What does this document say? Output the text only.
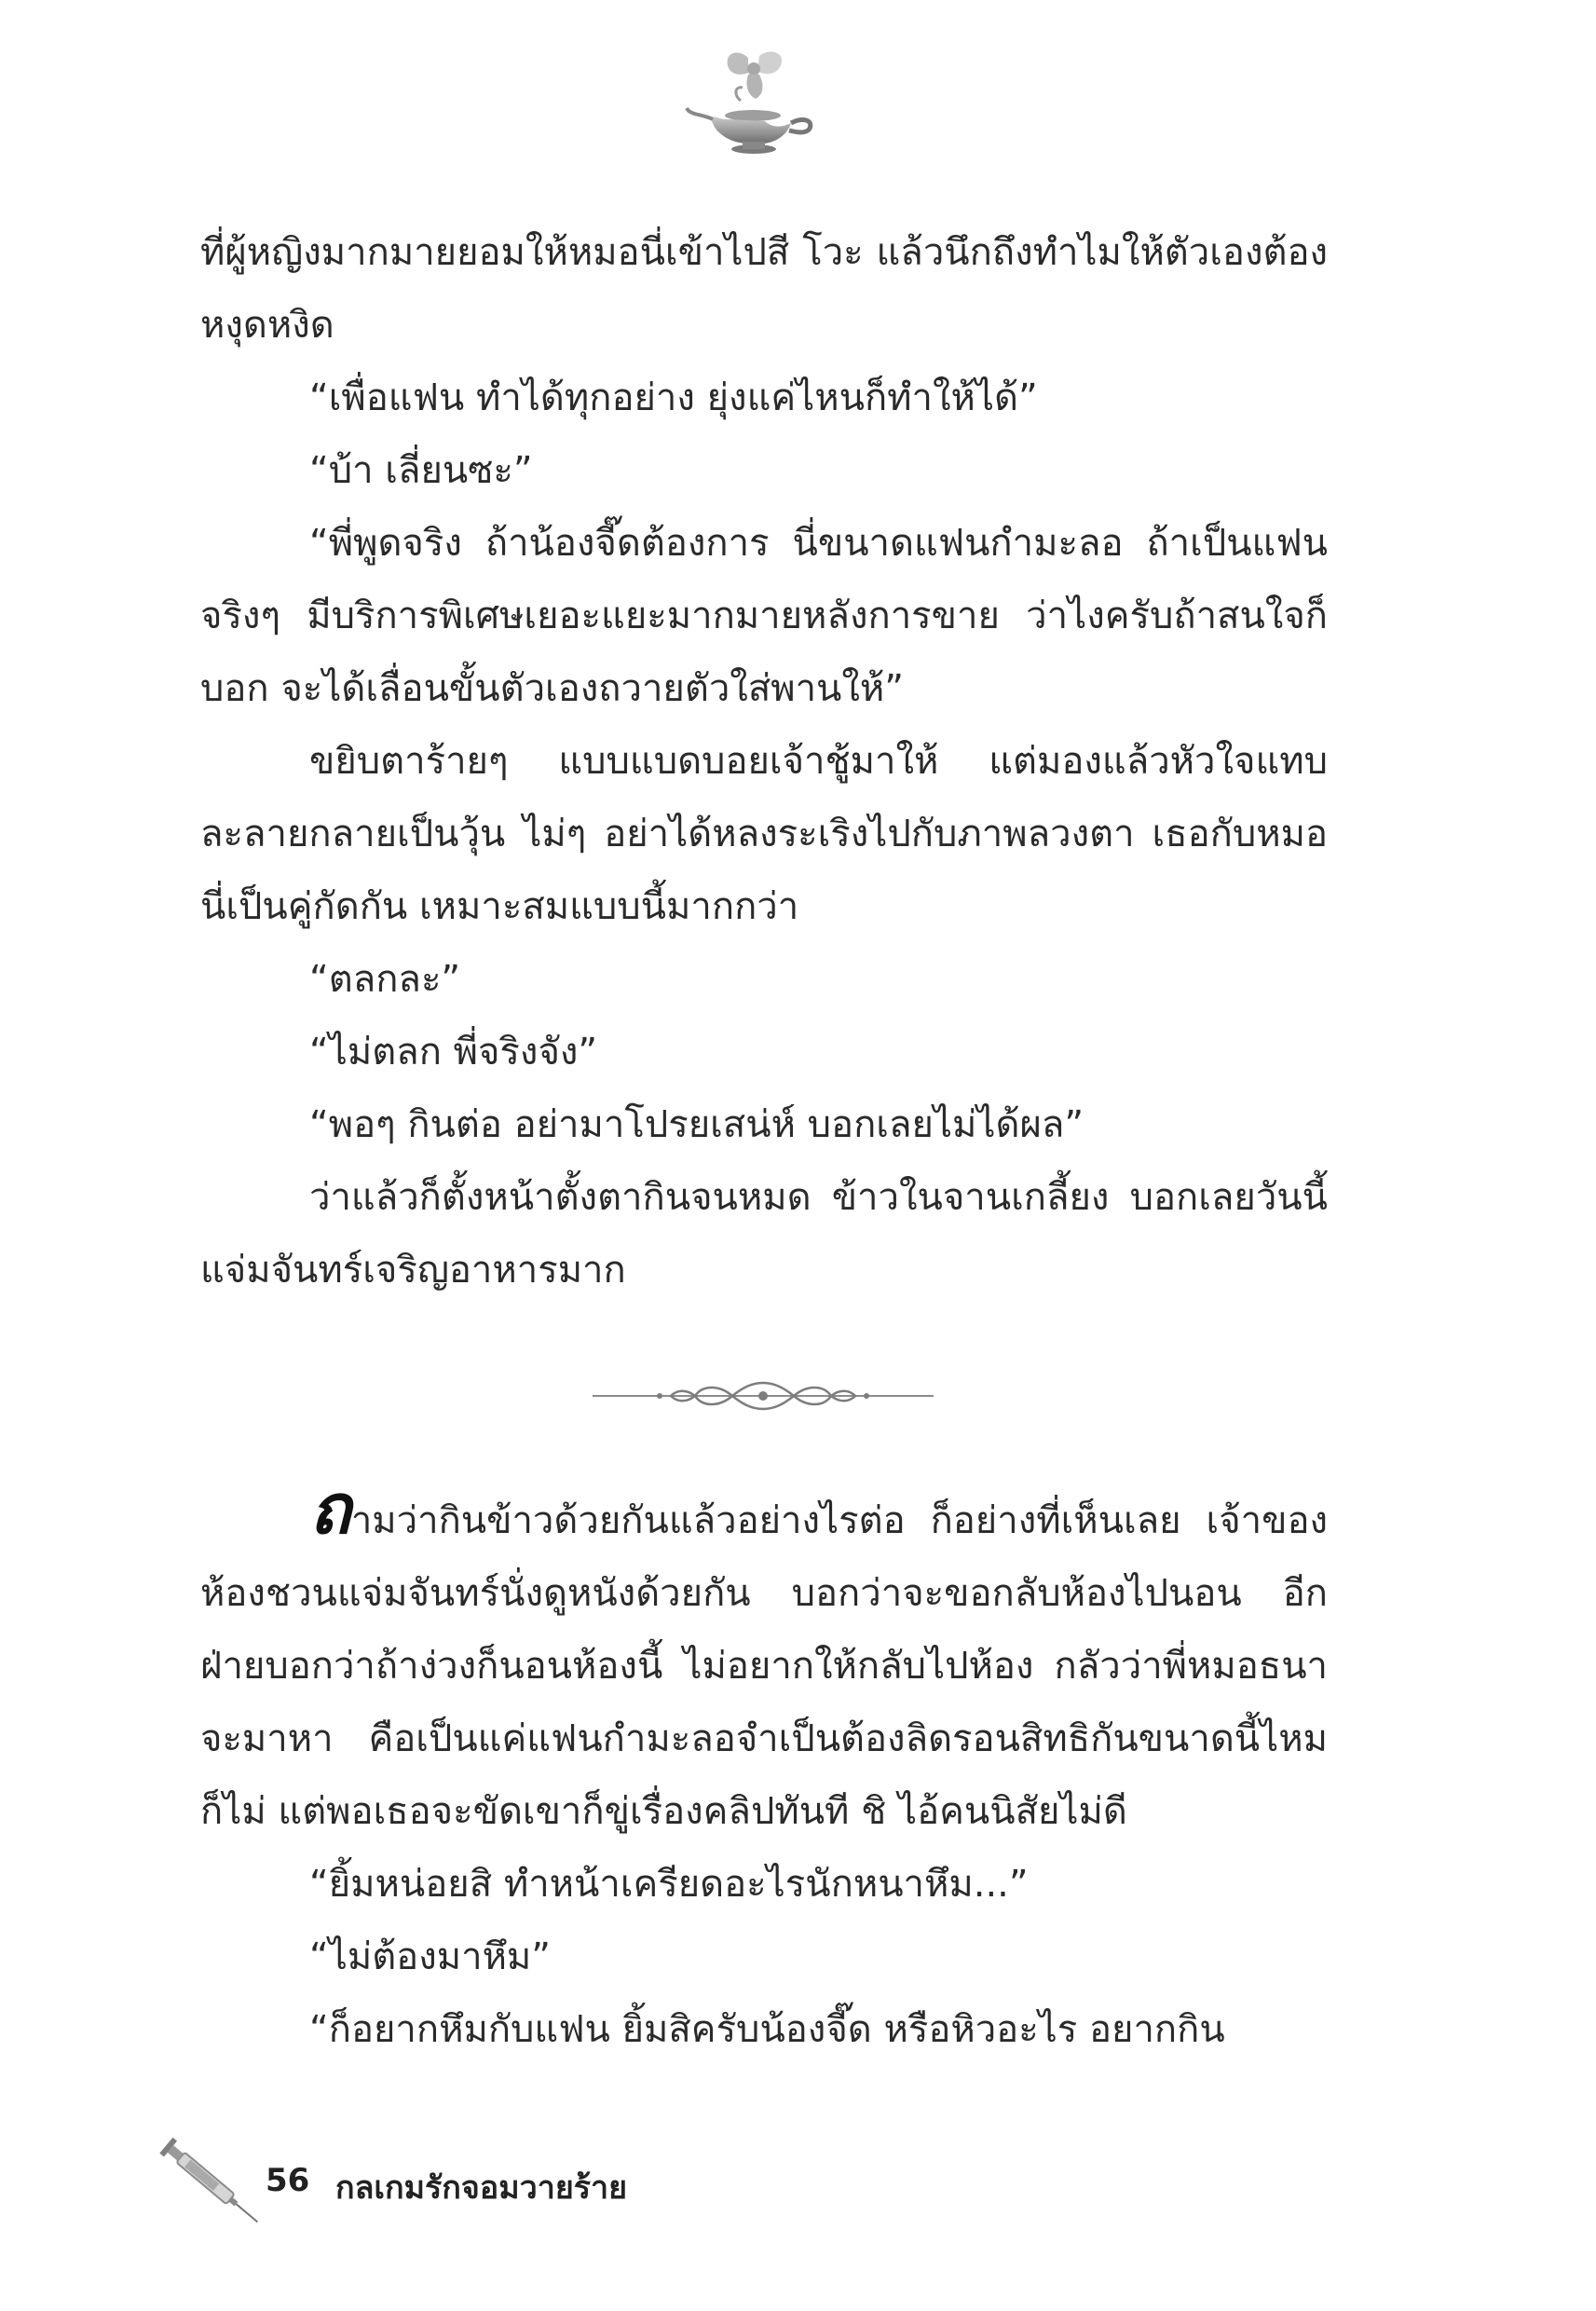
ที่ผู้หญิงมากมายยอมให้หมอนี่เข้าไปสี โวะ แล้วนึกถึงทำไมให้ตัวเองต้องหงุดหงิด

“เพื่อแฟน ทำได้ทุกอย่าง ยุ่งแค่ไหนก็ทำให้ได้”

“บ้า เลี่ยนซะ”

“พี่พูดจริง ถ้าน้องจี๊ดต้องการ นี่ขนาดแฟนกำมะลอ ถ้าเป็นแฟนจริงๆ มีบริการพิเศษเยอะแยะมากมายหลังการขาย ว่าไงครับถ้าสนใจก็บอก จะได้เลื่อนขั้นตัวเองถวายตัวใส่พานให้”

ขยิบตาร้ายๆ แบบแบดบอยเจ้าชู้มาให้ แต่มองแล้วหัวใจแทบละลายกลายเป็นวุ้น ไม่ๆ อย่าได้หลงระเริงไปกับภาพลวงตา เธอกับหมอนี่เป็นคู่กัดกัน เหมาะสมแบบนี้มากกว่า

“ตลกละ”

“ไม่ตลก พี่จริงจัง”

“พอๆ กินต่อ อย่ามาโปรยเสน่ห์ บอกเลยไม่ได้ผล”

ว่าแล้วก็ตั้งหน้าตั้งตากินจนหมด ข้าวในจานเกลี้ยง บอกเลยวันนี้แจ่มจันทร์เจริญอาหารมาก

ถามว่ากินข้าวด้วยกันแล้วอย่างไรต่อ ก็อย่างที่เห็นเลย เจ้าของห้องชวนแจ่มจันทร์นั่งดูหนังด้วยกัน บอกว่าจะขอกลับห้องไปนอน อีกฝ่ายบอกว่าถ้าง่วงก็นอนห้องนี้ ไม่อยากให้กลับไปห้อง กลัวว่าพี่หมอธนาจะมาหา คือเป็นแค่แฟนกำมะลอจำเป็นต้องลิดรอนสิทธิกันขนาดนี้ไหม ก็ไม่ แต่พอเธอจะขัดเขาก็ขู่เรื่องคลิปทันที ชิ ไอ้คนนิสัยไม่ดี

“ยิ้มหน่อยสิ ทำหน้าเครียดอะไรนักหนาหึม...”

“ไม่ต้องมาหึม”

“ก็อยากหึมกับแฟน ยิ้มสิครับน้องจี๊ด หรือหิวอะไร อยากกิน

56 กลเกมรักจอมวายร้าย
